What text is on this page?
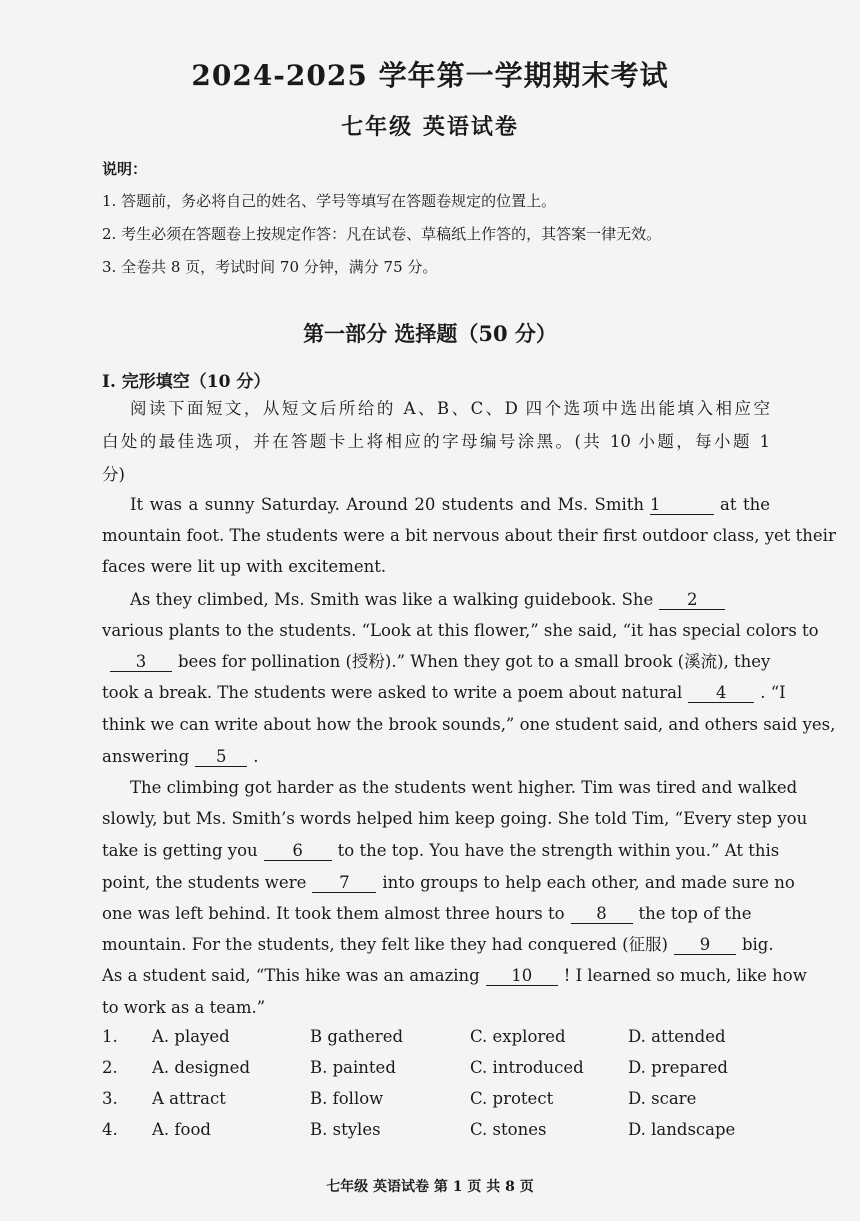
2024-2025 学年第一学期期末考试
七年级 英语试卷
说明：
1. 答题前，务必将自己的姓名、学号等填写在答题卷规定的位置上。
2. 考生必须在答题卷上按规定作答：凡在试卷、草稿纸上作答的，其答案一律无效。
3. 全卷共 8 页，考试时间 70 分钟，满分 75 分。
第一部分 选择题（50 分）
I. 完形填空（10 分）
阅读下面短文，从短文后所给的 A、B、C、D 四个选项中选出能填入相应空
白处的最佳选项，并在答题卡上将相应的字母编号涂黑。(共 10 小题，每小题 1
分)
It was a sunny Saturday. Around 20 students and Ms. Smith 1	at the
mountain foot. The students were a bit nervous about their first outdoor class, yet their
faces were lit up with excitement.
As they climbed, Ms. Smith was like a walking guidebook. She 2
various plants to the students. “Look at this flower,” she said, “it has special colors to
3 bees for pollination (授粉).” When they got to a small brook (溪流), they
took a break. The students were asked to write a poem about natural 4 . “I
think we can write about how the brook sounds,” one student said, and others said yes,
answering 5 .
The climbing got harder as the students went higher. Tim was tired and walked
slowly, but Ms. Smith’s words helped him keep going. She told Tim, “Every step you
take is getting you 6 to the top. You have the strength within you.” At this
point, the students were 7 into groups to help each other, and made sure no
one was left behind. It took them almost three hours to 8 the top of the
mountain. For the students, they felt like they had conquered (征服) 9 big.
As a student said, “This hike was an amazing 10 ! I learned so much, like how
to work as a team.”
1. A. played	B gathered	C. explored	D. attended
2. A. designed	B. painted	C. introduced	D. prepared
3. A attract	B. follow	C. protect	D. scare
4. A. food	B. styles	C. stones	D. landscape
七年级 英语试卷 第 1 页 共 8 页
